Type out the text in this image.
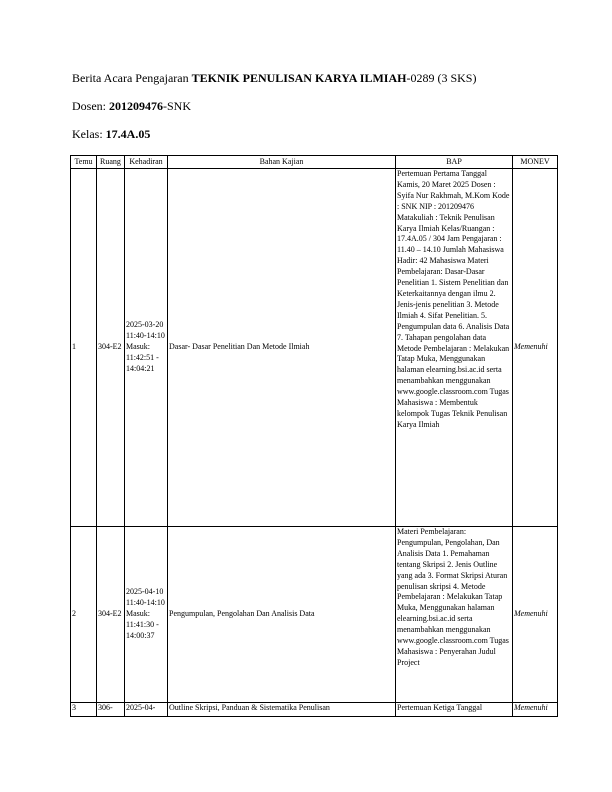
Berita Acara Pengajaran TEKNIK PENULISAN KARYA ILMIAH-0289 (3 SKS)
Dosen: 201209476-SNK
Kelas: 17.4A.05
Temu	Ruang	Kehadiran	Bahan Kajian	BAP	MONEV
1	304-E2	2025-03-20 11:40-14:10 Masuk: 11:42:51 - 14:04:21	Dasar- Dasar Penelitian Dan Metode Ilmiah	Pertemuan Pertama Tanggal Kamis, 20 Maret 2025 Dosen : Syifa Nur Rakhmah, M.Kom Kode : SNK NIP : 201209476 Matakuliah : Teknik Penulisan Karya Ilmiah Kelas/Ruangan : 17.4A.05 / 304 Jam Pengajaran : 11.40 – 14.10 Jumlah Mahasiswa Hadir: 42 Mahasiswa Materi Pembelajaran: Dasar-Dasar Penelitian 1. Sistem Penelitian dan Keterkaitannya dengan ilmu 2. Jenis-jenis penelitian 3. Metode Ilmiah 4. Sifat Penelitian. 5. Pengumpulan data 6. Analisis Data 7. Tahapan pengolahan data Metode Pembelajaran : Melakukan Tatap Muka, Menggunakan halaman elearning.bsi.ac.id serta menambahkan menggunakan www.google.classroom.com Tugas Mahasiswa : Membentuk kelompok Tugas Teknik Penulisan Karya Ilmiah	Memenuhi
2	304-E2	2025-04-10 11:40-14:10 Masuk: 11:41:30 - 14:00:37	Pengumpulan, Pengolahan Dan Analisis Data	Materi Pembelajaran: Pengumpulan, Pengolahan, Dan Analisis Data 1. Pemahaman tentang Skripsi 2. Jenis Outline yang ada 3. Format Skripsi Aturan penulisan skripsi 4. Metode Pembelajaran : Melakukan Tatap Muka, Menggunakan halaman elearning.bsi.ac.id serta menambahkan menggunakan www.google.classroom.com Tugas Mahasiswa : Penyerahan Judul Project	Memenuhi
3	306-	2025-04-	Outline Skripsi, Panduan & Sistematika Penulisan	Pertemuan Ketiga Tanggal	Memenuhi
